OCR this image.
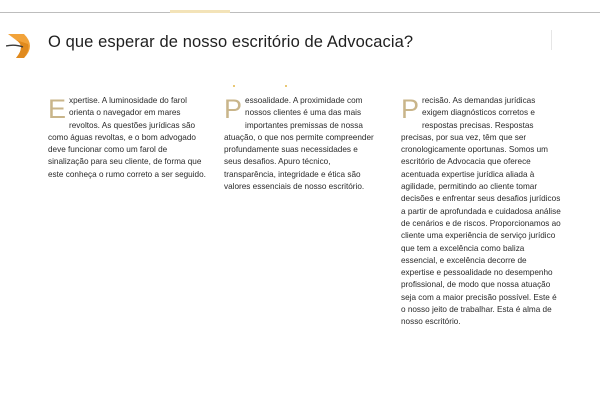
O que esperar de nosso escritório de Advocacia?
E xpertise. A luminosidade do farol orienta o navegador em mares revoltos. As questões jurídicas são como águas revoltas, e o bom advogado deve funcionar como um farol de sinalização para seu cliente, de forma que este conheça o rumo correto a ser seguido.

P essoalidade. A proximidade com nossos clientes é uma das mais importantes premissas de nossa atuação, o que nos permite compreender profundamente suas necessidades e seus desafios. Apuro técnico, transparência, integridade e ética são valores essenciais de nosso escritório.

P recisão. As demandas jurídicas exigem diagnósticos corretos e respostas precisas. Respostas precisas, por sua vez, têm que ser cronologicamente oportunas. Somos um escritório de Advocacia que oferece acentuada expertise jurídica aliada à agilidade, permitindo ao cliente tomar decisões e enfrentar seus desafios jurídicos a partir de aprofundada e cuidadosa análise de cenários e de riscos. Proporcionamos ao cliente uma experiência de serviço jurídico que tem a excelência como baliza essencial, e excelência decorre de expertise e pessoalidade no desempenho profissional, de modo que nossa atuação seja com a maior precisão possível. Este é o nosso jeito de trabalhar. Esta é alma de nosso escritório.
